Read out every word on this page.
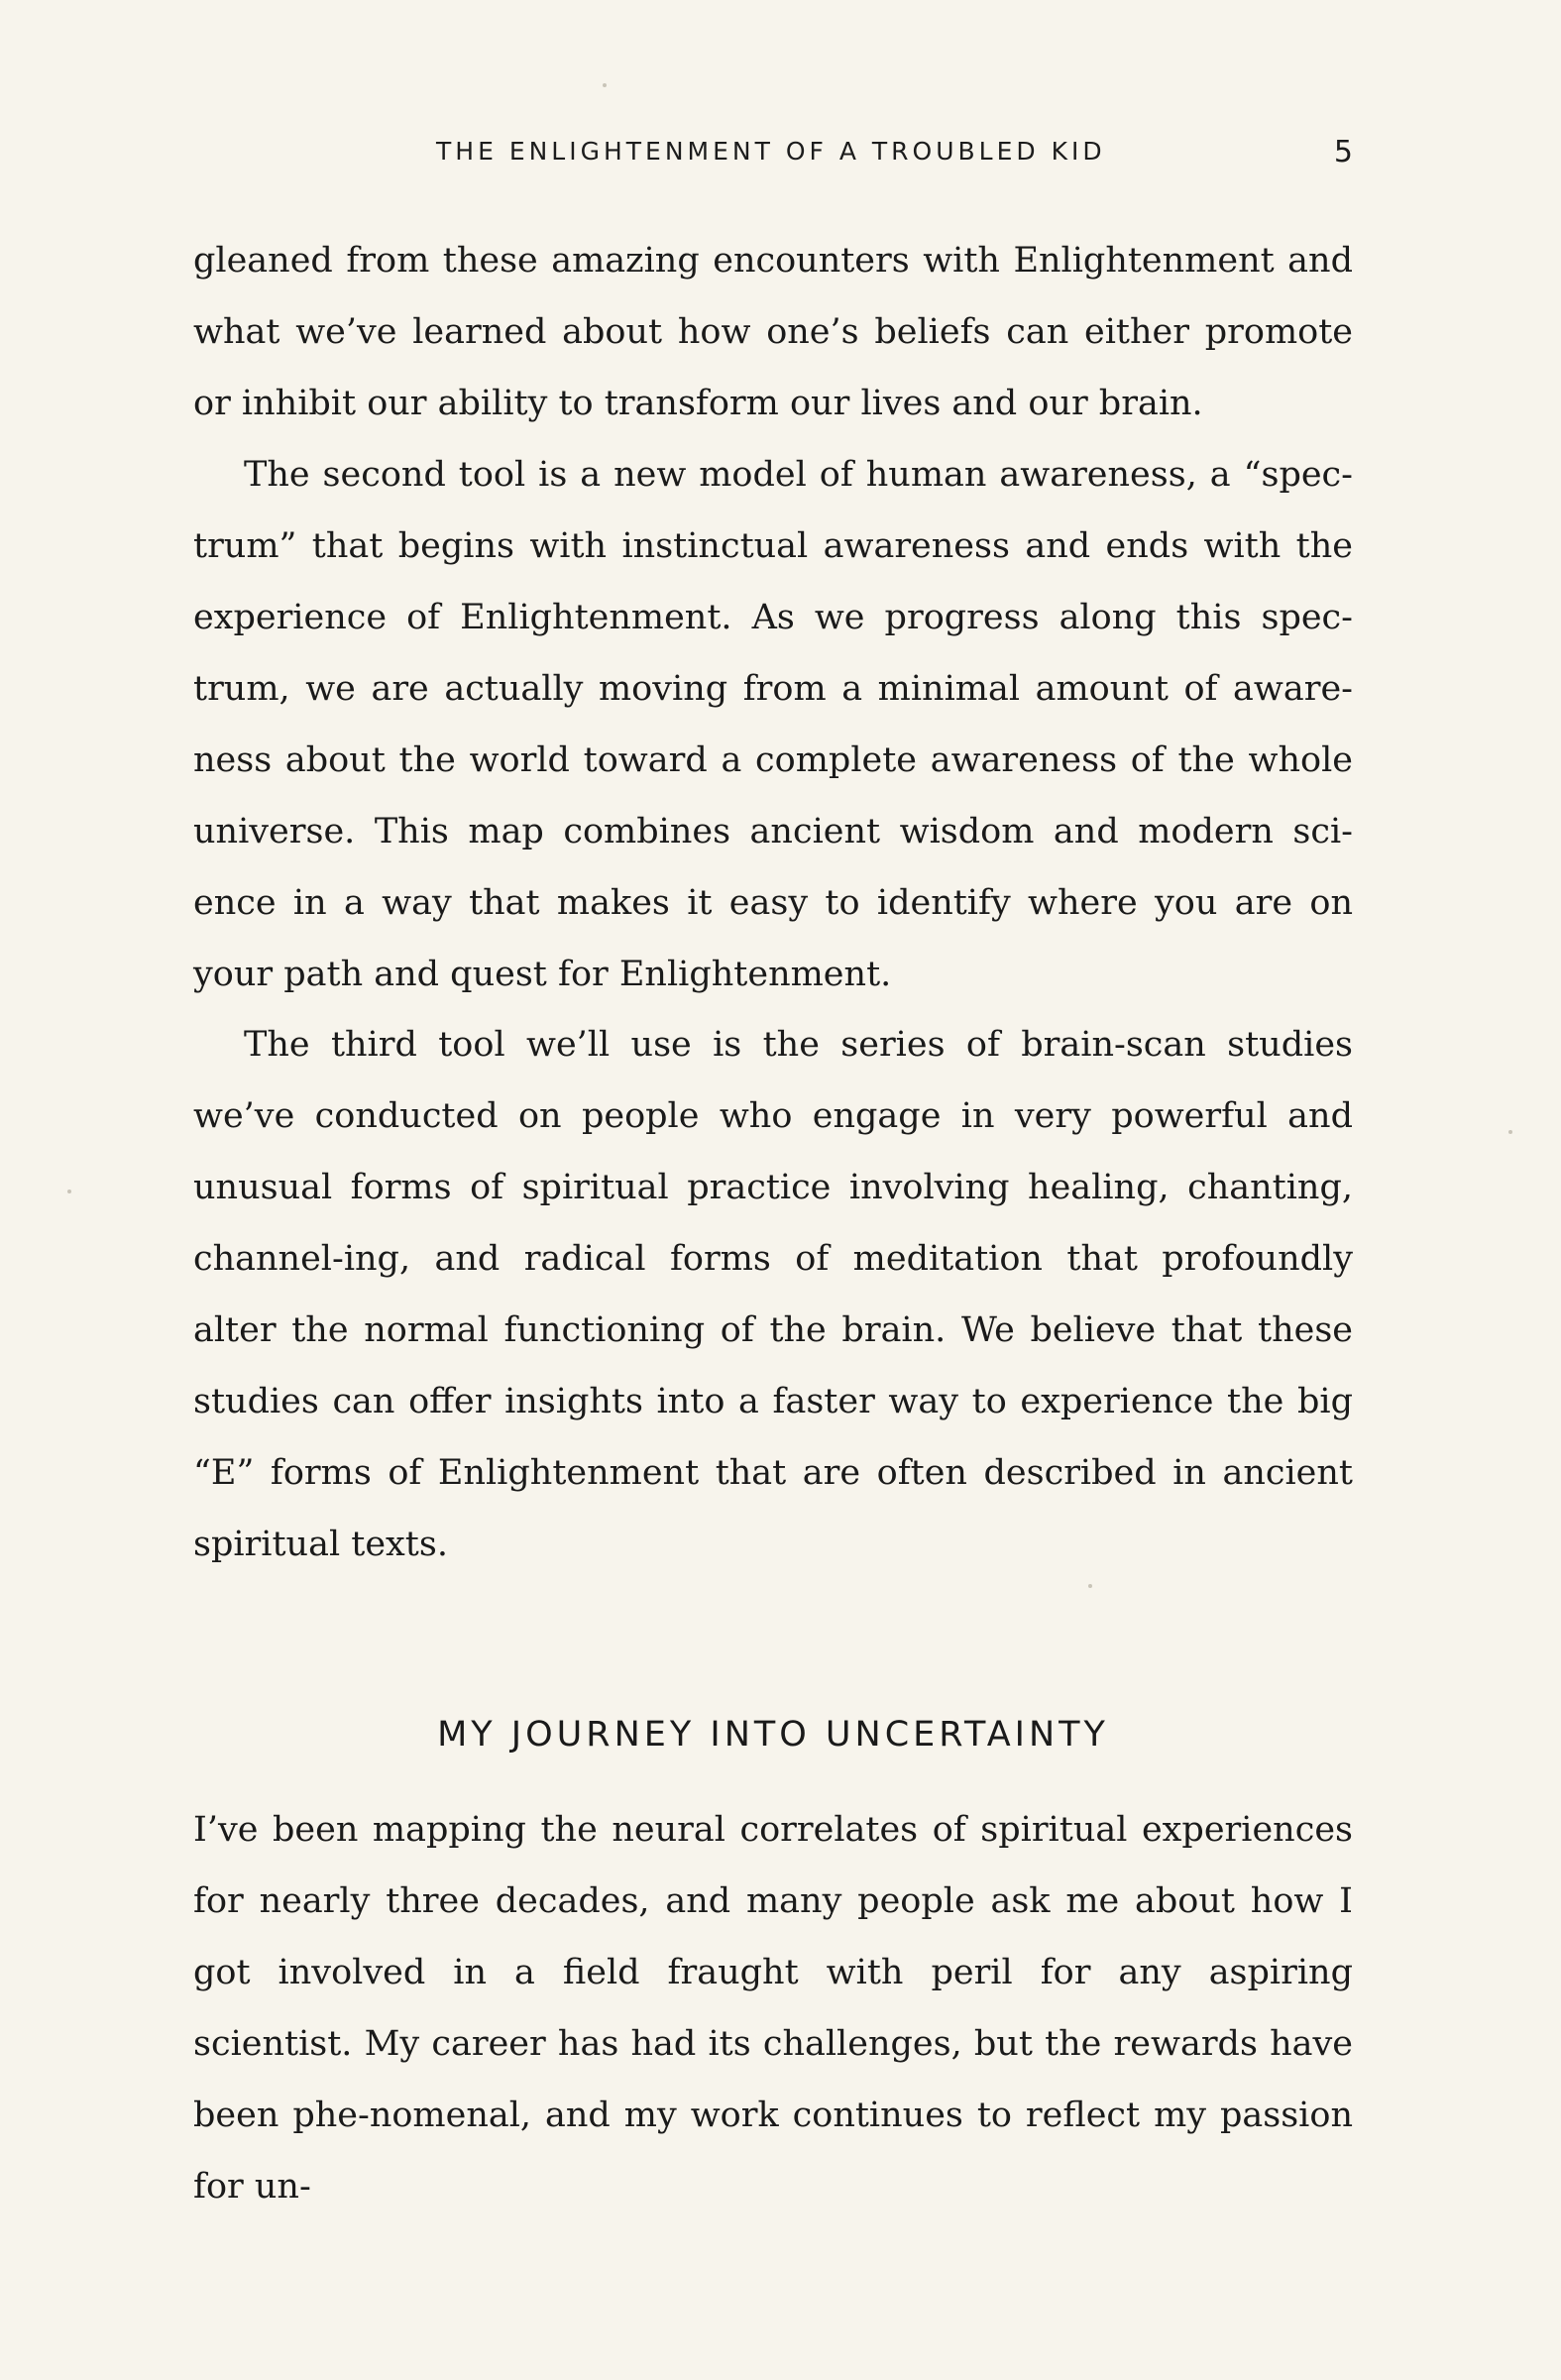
THE ENLIGHTENMENT OF A TROUBLED KID	5

gleaned from these amazing encounters with Enlightenment and what we’ve learned about how one’s beliefs can either promote or inhibit our ability to transform our lives and our brain.

The second tool is a new model of human awareness, a “spec-trum” that begins with instinctual awareness and ends with the experience of Enlightenment. As we progress along this spec-trum, we are actually moving from a minimal amount of aware-ness about the world toward a complete awareness of the whole universe. This map combines ancient wisdom and modern sci-ence in a way that makes it easy to identify where you are on your path and quest for Enlightenment.

The third tool we’ll use is the series of brain-scan studies we’ve conducted on people who engage in very powerful and unusual forms of spiritual practice involving healing, chanting, channel-ing, and radical forms of meditation that profoundly alter the normal functioning of the brain. We believe that these studies can offer insights into a faster way to experience the big “E” forms of Enlightenment that are often described in ancient spiritual texts.

MY JOURNEY INTO UNCERTAINTY

I’ve been mapping the neural correlates of spiritual experiences for nearly three decades, and many people ask me about how I got involved in a field fraught with peril for any aspiring scientist. My career has had its challenges, but the rewards have been phe-nomenal, and my work continues to reflect my passion for un-
